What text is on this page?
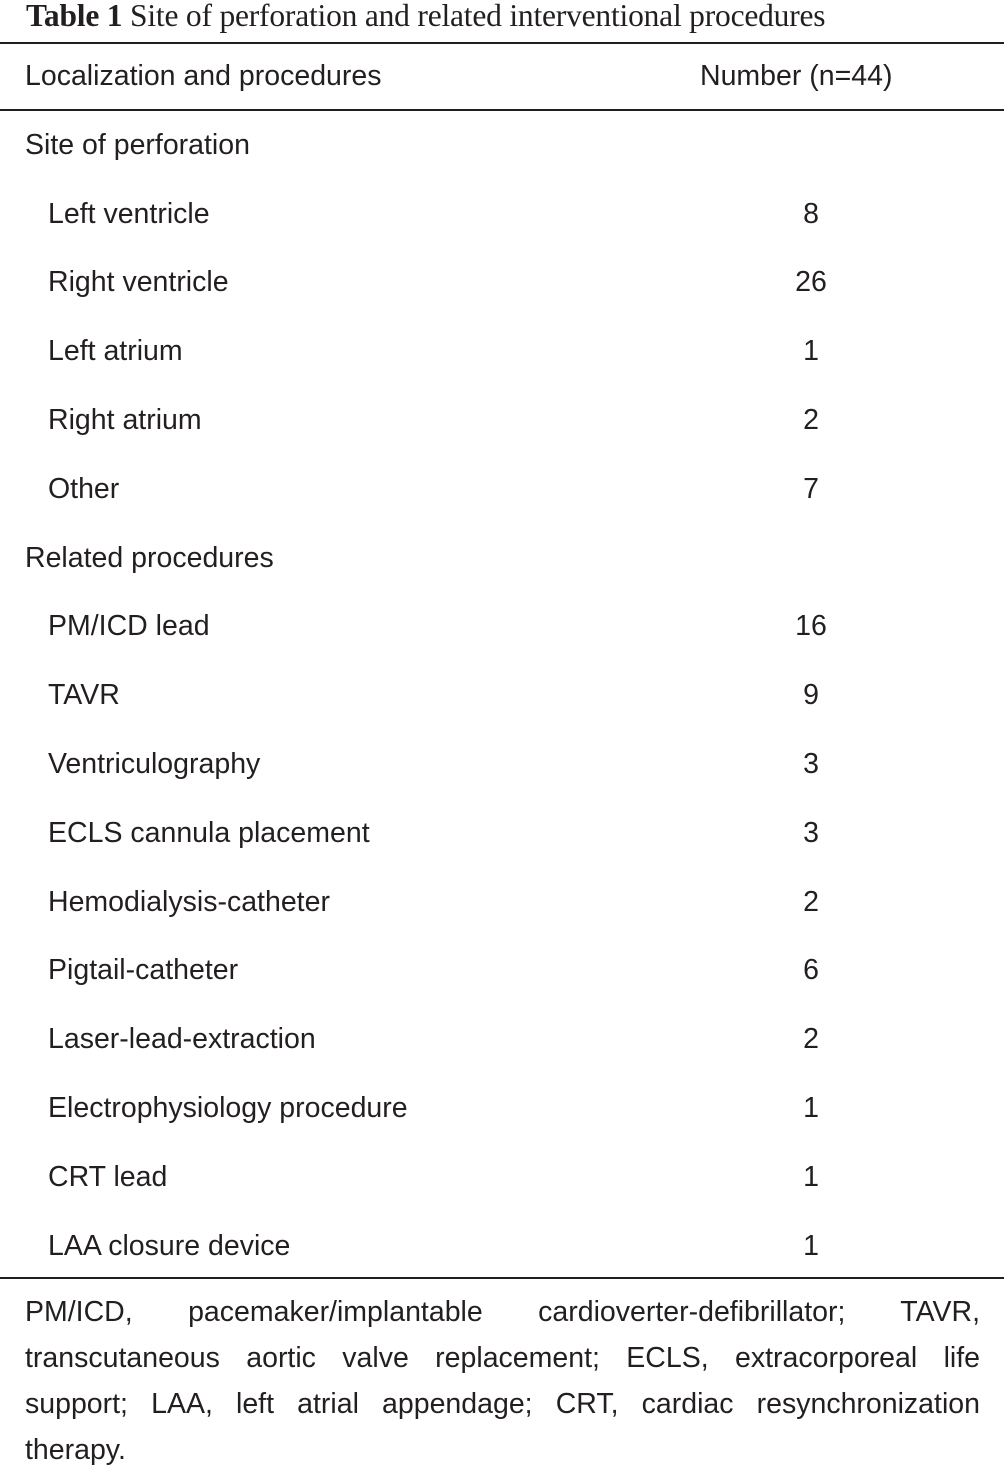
Table 1 Site of perforation and related interventional procedures
Localization and procedures	Number (n=44)
Site of perforation
Left ventricle	8
Right ventricle	26
Left atrium	1
Right atrium	2
Other	7
Related procedures
PM/ICD lead	16
TAVR	9
Ventriculography	3
ECLS cannula placement	3
Hemodialysis-catheter	2
Pigtail-catheter	6
Laser-lead-extraction	2
Electrophysiology procedure	1
CRT lead	1
LAA closure device	1
PM/ICD, pacemaker/implantable cardioverter-defibrillator; TAVR, transcutaneous aortic valve replacement; ECLS, extracorporeal life support; LAA, left atrial appendage; CRT, cardiac resynchronization therapy.
